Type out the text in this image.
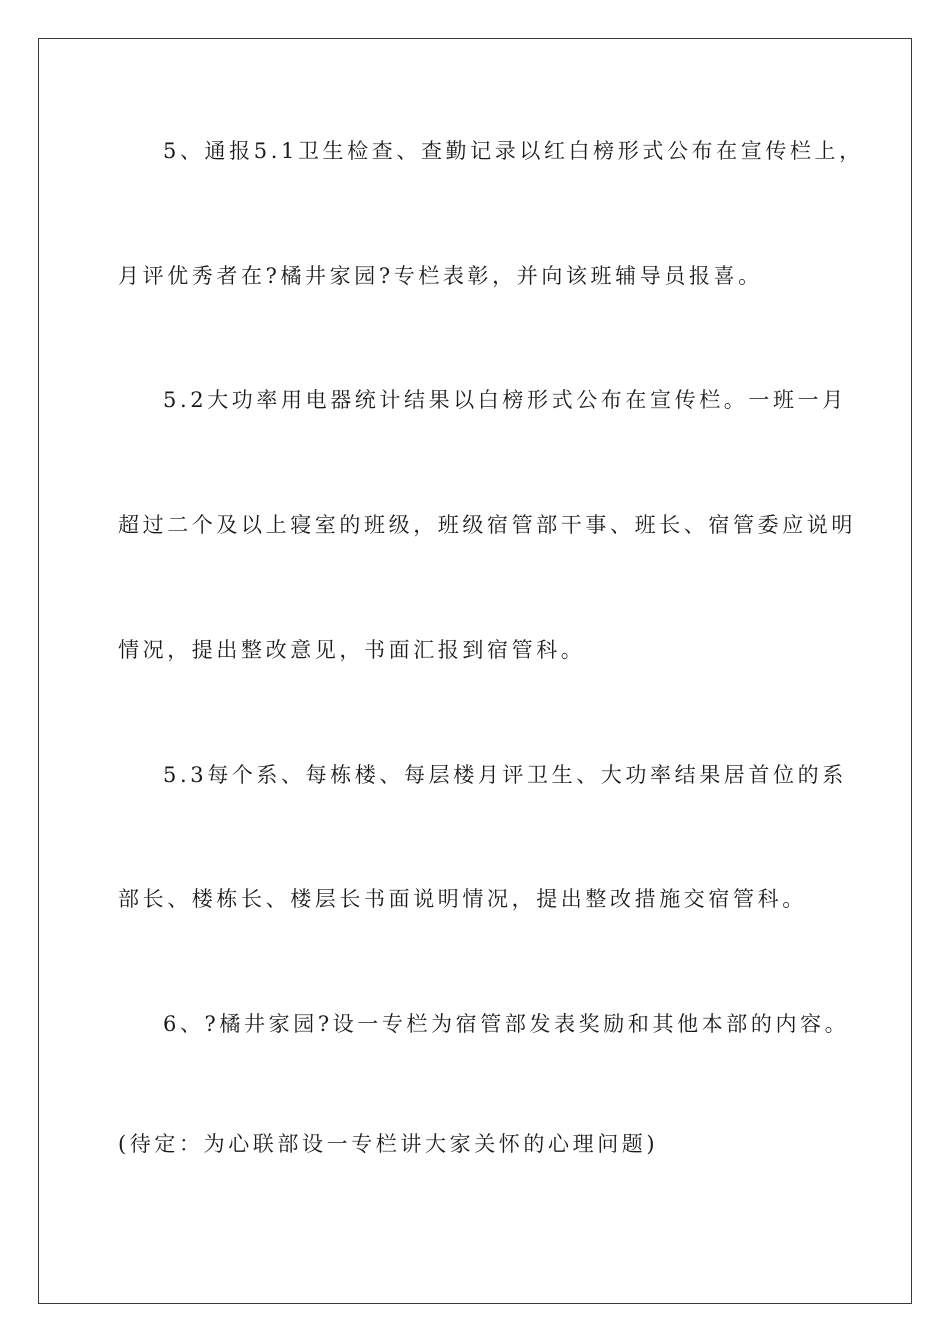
5、通报5.1卫生检查、查勤记录以红白榜形式公布在宣传栏上，
月评优秀者在?橘井家园?专栏表彰，并向该班辅导员报喜。
5.2大功率用电器统计结果以白榜形式公布在宣传栏。一班一月
超过二个及以上寝室的班级，班级宿管部干事、班长、宿管委应说明
情况，提出整改意见，书面汇报到宿管科。
5.3每个系、每栋楼、每层楼月评卫生、大功率结果居首位的系
部长、楼栋长、楼层长书面说明情况，提出整改措施交宿管科。
6、?橘井家园?设一专栏为宿管部发表奖励和其他本部的内容。
(待定：为心联部设一专栏讲大家关怀的心理问题)
